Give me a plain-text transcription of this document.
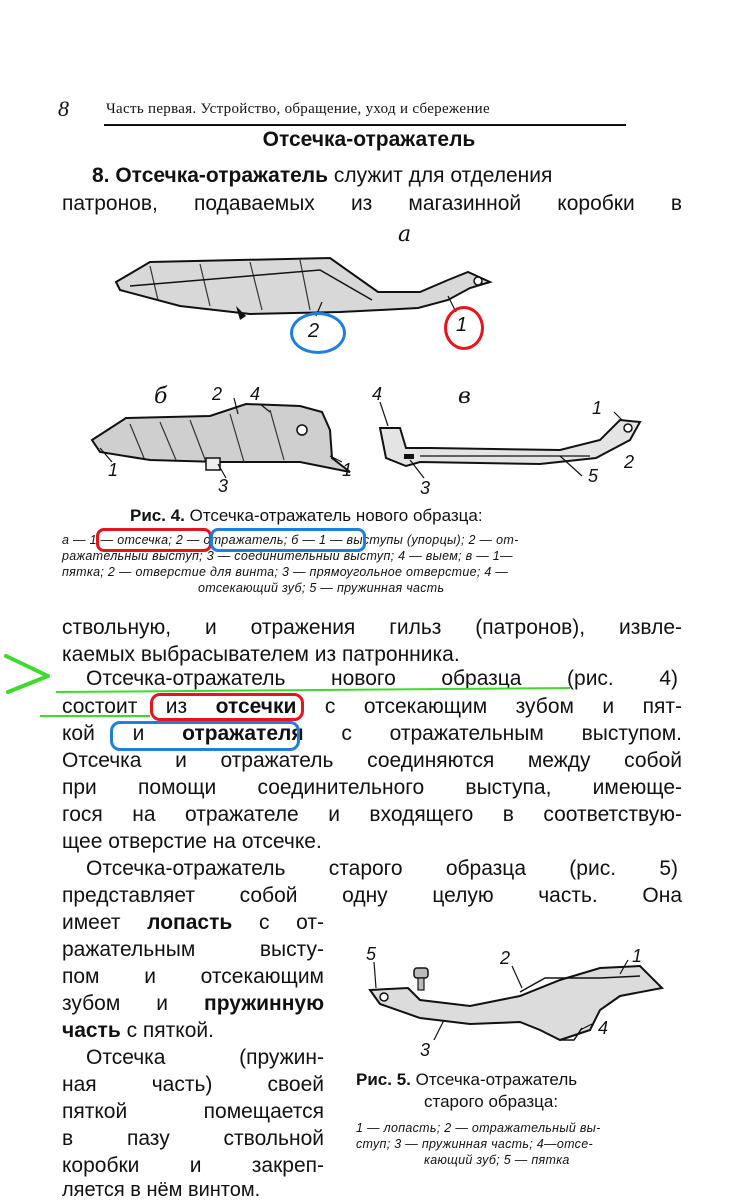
8 Часть первая. Устройство, обращение, уход и сбережение
Отсечка-отражатель
8. Отсечка-отражатель служит для отделения
патронов, подаваемых из магазинной коробки в
а
б	в
2	1
2 4
1	1
3
4
1
2
3
5
Рис. 4. Отсечка-отражатель нового образца:
а — 1 — отсечка; 2 — отражатель; б — 1 — выступы (упорцы); 2 — от-
ражательный выступ; 3 — соединительный выступ; 4 — выем; в — 1—
пятка; 2 — отверстие для винта; 3 — прямоугольное отверстие; 4 —
отсекающий зуб; 5 — пружинная часть
ствольную, и отражения гильз (патронов), извле-
каемых выбрасывателем из патронника.
Отсечка-отражатель нового образца (рис. 4)
состоит из отсечки с отсекающим зубом и пят-
кой и отражателя с отражательным выступом.
Отсечка и отражатель соединяются между собой
при помощи соединительного выступа, имеюще-
гося на отражателе и входящего в соответствую-
щее отверстие на отсечке.
Отсечка-отражатель старого образца (рис. 5)
представляет собой одну целую часть. Она
имеет лопасть с от-
ражательным высту-
пом и отсекающим
зубом и пружинную
часть с пяткой.
Отсечка (пружин-
ная часть) своей
пяткой помещается
в пазу ствольной
коробки и закреп-
ляется в нём винтом.
5	2	1
3
4
Рис. 5. Отсечка-отражатель
старого образца:
1 — лопасть; 2 — отражательный вы-
ступ; 3 — пружинная часть; 4—отсе-
кающий зуб; 5 — пятка
